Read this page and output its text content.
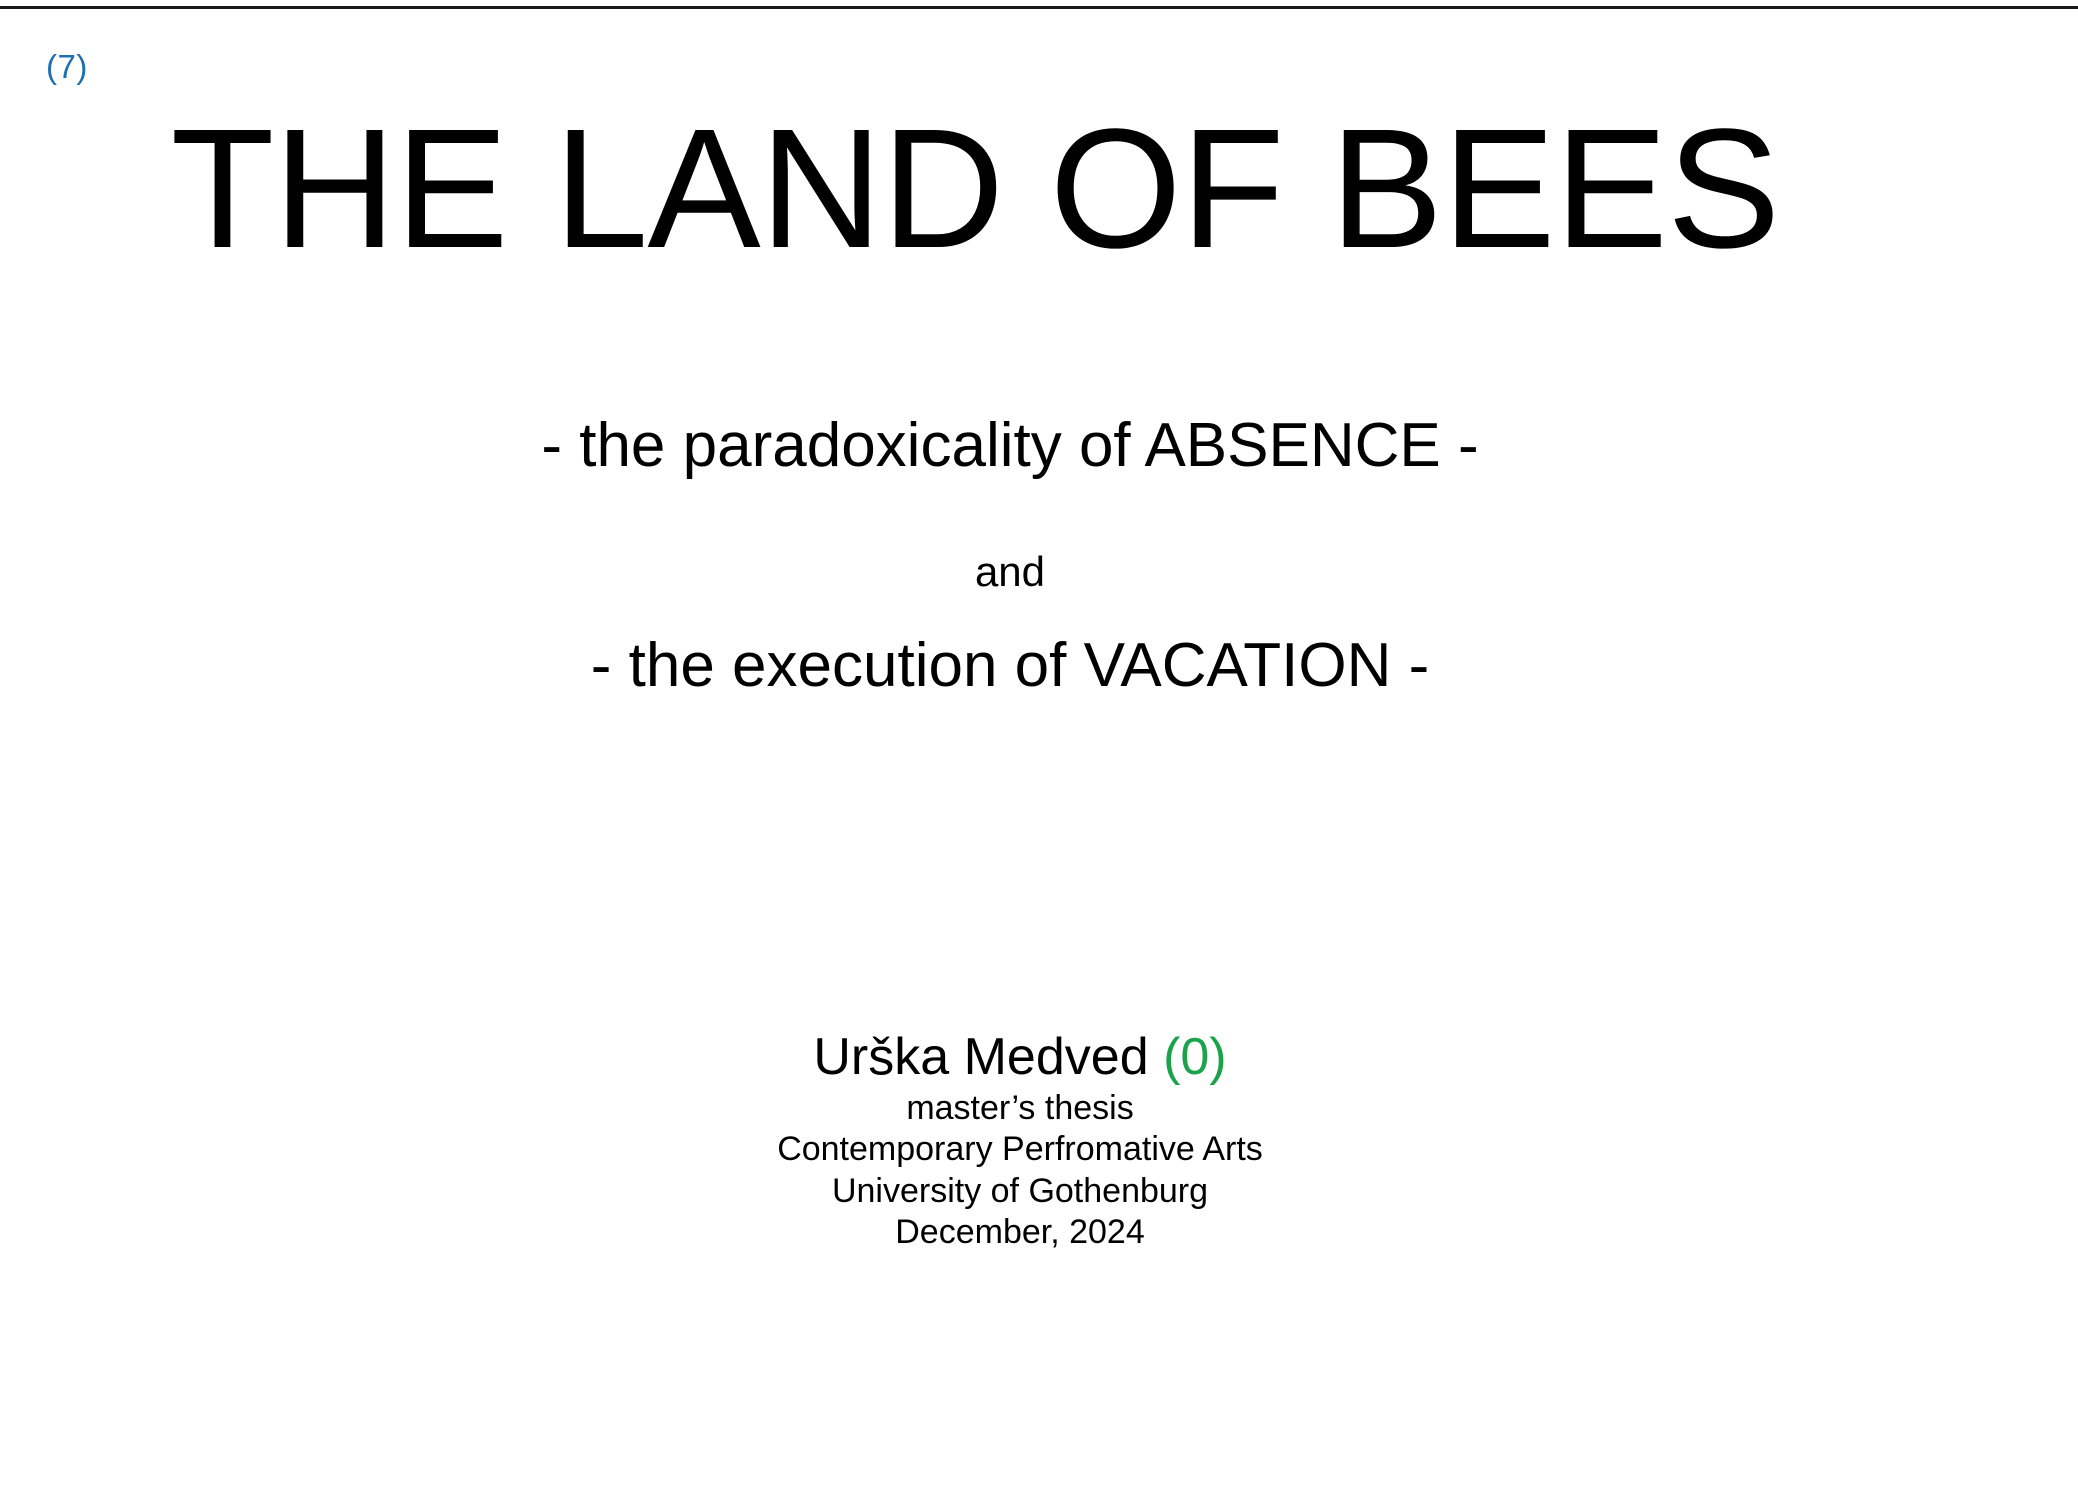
(7)
THE LAND OF BEES
- the paradoxicality of ABSENCE -
and
- the execution of VACATION -
Urška Medved (0)
master’s thesis
Contemporary Perfromative Arts
University of Gothenburg
December, 2024
